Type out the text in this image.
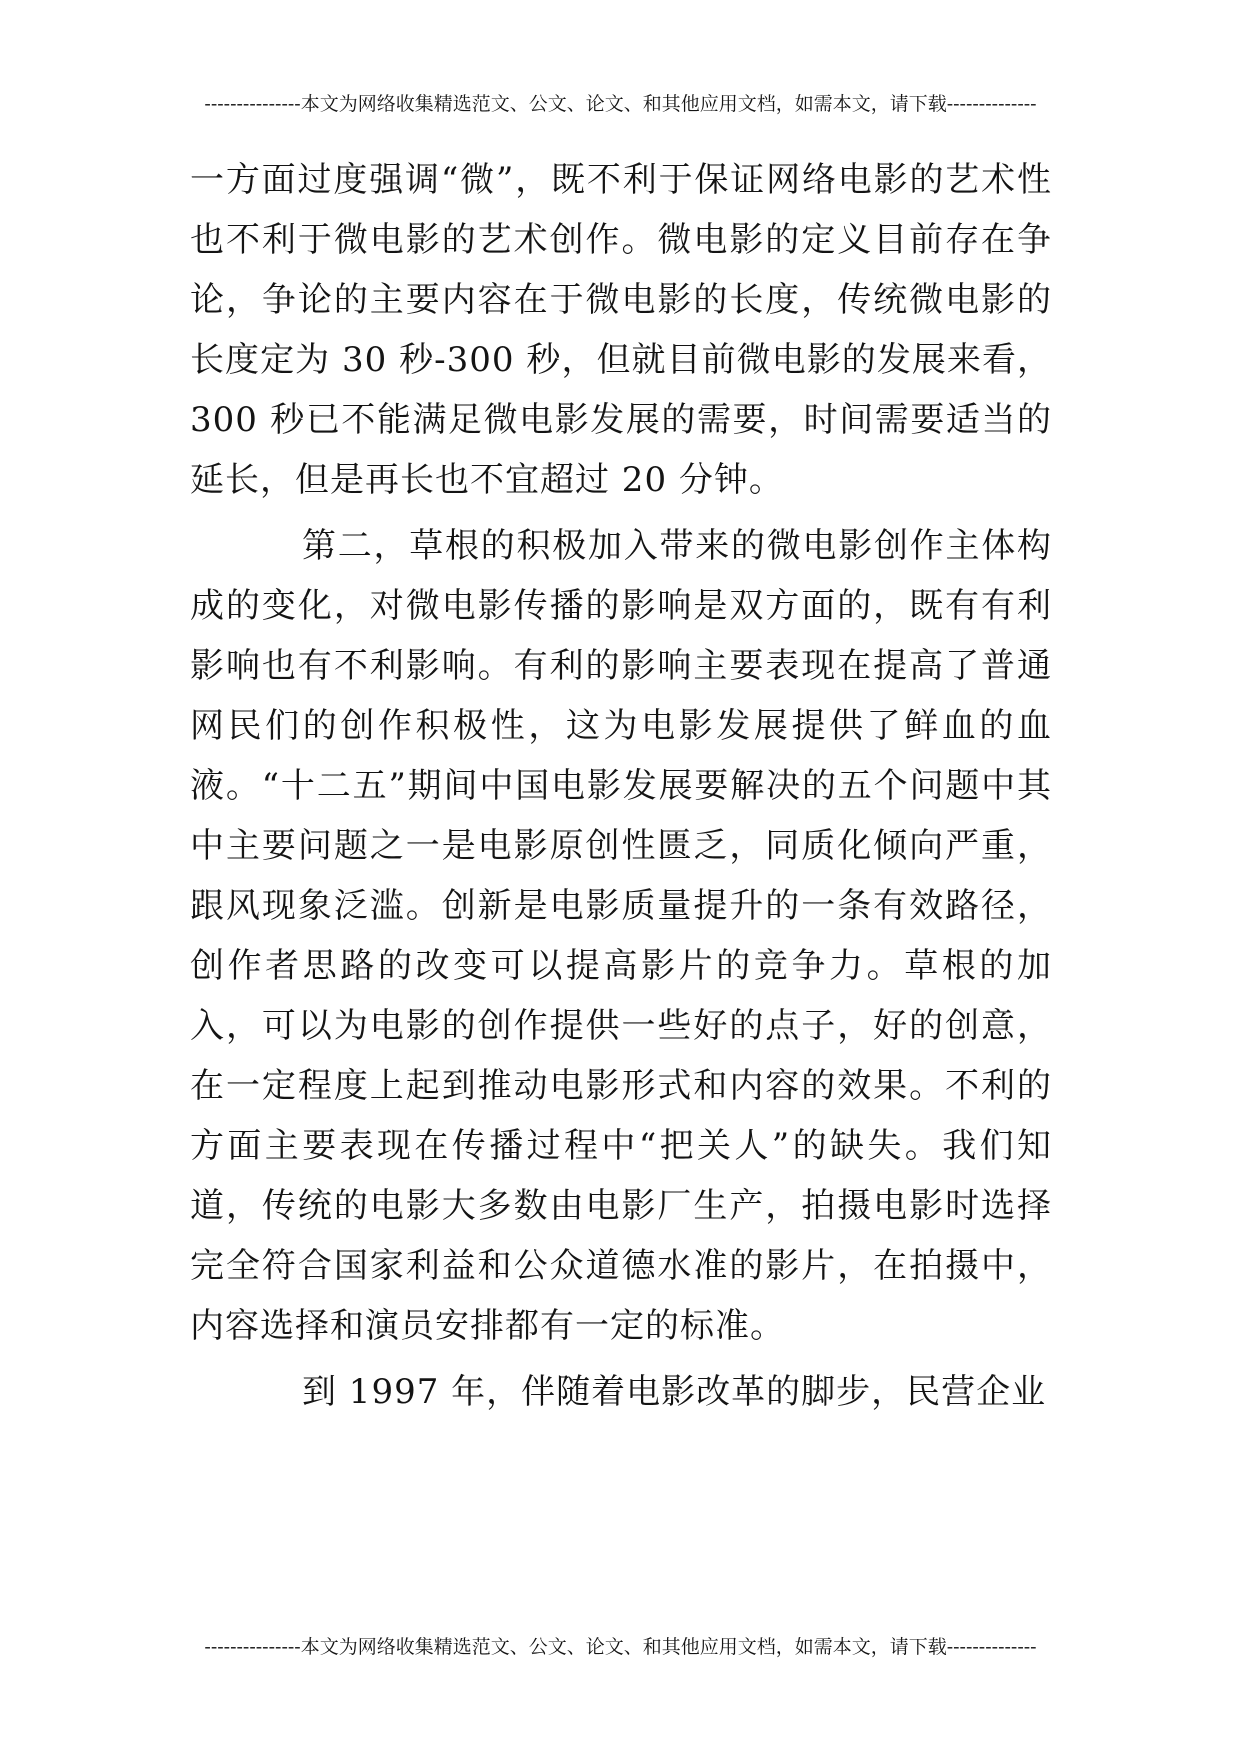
---------------本文为网络收集精选范文、公文、论文、和其他应用文档，如需本文，请下载--------------

一方面过度强调“微”，既不利于保证网络电影的艺术性也不利于微电影的艺术创作。微电影的定义目前存在争论，争论的主要内容在于微电影的长度，传统微电影的长度定为 30 秒-300 秒，但就目前微电影的发展来看，300 秒已不能满足微电影发展的需要，时间需要适当的延长，但是再长也不宜超过 20 分钟。

第二，草根的积极加入带来的微电影创作主体构成的变化，对微电影传播的影响是双方面的，既有有利影响也有不利影响。有利的影响主要表现在提高了普通网民们的创作积极性，这为电影发展提供了鲜血的血液。“十二五”期间中国电影发展要解决的五个问题中其中主要问题之一是电影原创性匮乏，同质化倾向严重，跟风现象泛滥。创新是电影质量提升的一条有效路径，创作者思路的改变可以提高影片的竞争力。草根的加入，可以为电影的创作提供一些好的点子，好的创意，在一定程度上起到推动电影形式和内容的效果。不利的方面主要表现在传播过程中“把关人”的缺失。我们知道，传统的电影大多数由电影厂生产，拍摄电影时选择完全符合国家利益和公众道德水准的影片，在拍摄中，内容选择和演员安排都有一定的标准。

到 1997 年，伴随着电影改革的脚步，民营企业

---------------本文为网络收集精选范文、公文、论文、和其他应用文档，如需本文，请下载--------------
